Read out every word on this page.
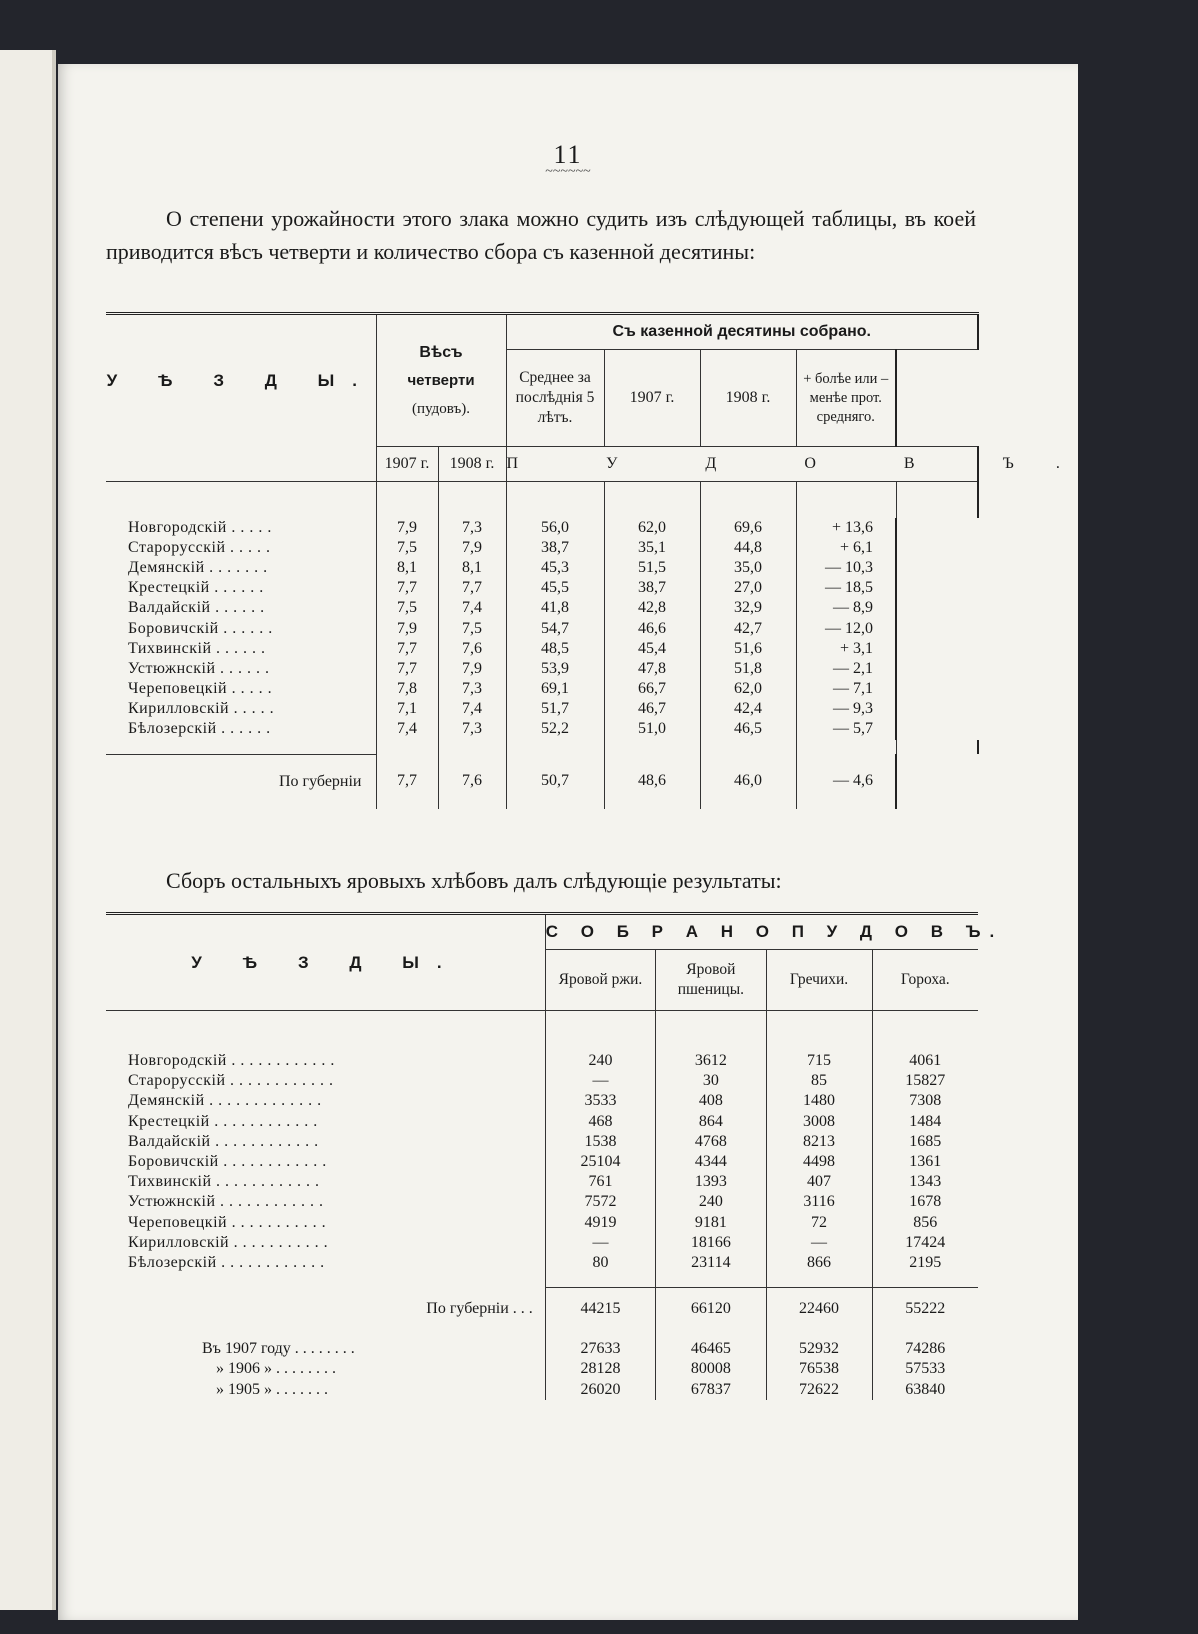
11
~~~~~~
О степени урожайности этого злака можно судить изъ слѣдующей таблицы, въ коей приводится вѣсъ четверти и количество сбора съ казенной десятины:
У Ѣ З Д Ы.	Вѣсъ
четверти
(пудовъ).		Съ казенной десятины собрано.				
			Среднее за послѣднія 5 лѣтъ.	1907 г.	1908 г.	+ болѣе или – менѣе прот. средняго.	
	1907 г.	1908 г.	П У Д О В Ъ.				

Новгородскій . . . . .	7,9	7,3	56,0	62,0	69,6	+ 13,6	
Старорусскій . . . . .	7,5	7,9	38,7	35,1	44,8	+ 6,1	
Демянскій . . . . . . .	8,1	8,1	45,3	51,5	35,0	— 10,3	
Крестецкій . . . . . .	7,7	7,7	45,5	38,7	27,0	— 18,5	
Валдайскій . . . . . .	7,5	7,4	41,8	42,8	32,9	— 8,9	
Боровичскій . . . . . .	7,9	7,5	54,7	46,6	42,7	— 12,0	
Тихвинскій . . . . . .	7,7	7,6	48,5	45,4	51,6	+ 3,1	
Устюжнскій . . . . . .	7,7	7,9	53,9	47,8	51,8	— 2,1	
Череповецкій . . . . .	7,8	7,3	69,1	66,7	62,0	— 7,1	
Кирилловскій . . . . .	7,1	7,4	51,7	46,7	42,4	— 9,3	
Бѣлозерскій . . . . . .	7,4	7,3	52,2	51,0	46,5	— 5,7	

По губерніи	7,7	7,6	50,7	48,6	46,0	— 4,6	
Сборъ остальныхъ яровыхъ хлѣбовъ далъ слѣдующіе результаты:
У Ѣ З Д Ы.	С О Б Р А Н О П У Д О В Ъ.			
	Яровой ржи.	Яровой пшеницы.	Гречихи.	Гороха.

Новгородскій . . . . . . . . . . . .	240	3612	715	4061
Старорусскій . . . . . . . . . . . .	—	30	85	15827
Демянскій . . . . . . . . . . . . .	3533	408	1480	7308
Крестецкій . . . . . . . . . . . .	468	864	3008	1484
Валдайскій . . . . . . . . . . . .	1538	4768	8213	1685
Боровичскій . . . . . . . . . . . .	25104	4344	4498	1361
Тихвинскій . . . . . . . . . . . .	761	1393	407	1343
Устюжнскій . . . . . . . . . . . .	7572	240	3116	1678
Череповецкій . . . . . . . . . . .	4919	9181	72	856
Кирилловскій . . . . . . . . . . .	—	18166	—	17424
Бѣлозерскій . . . . . . . . . . . .	80	23114	866	2195

По губерніи . . .	44215	66120	22460	55222

Въ 1907 году . . . . . . . .	27633	46465	52932	74286
» 1906 » . . . . . . . .	28128	80008	76538	57533
» 1905 » . . . . . . .	26020	67837	72622	63840
